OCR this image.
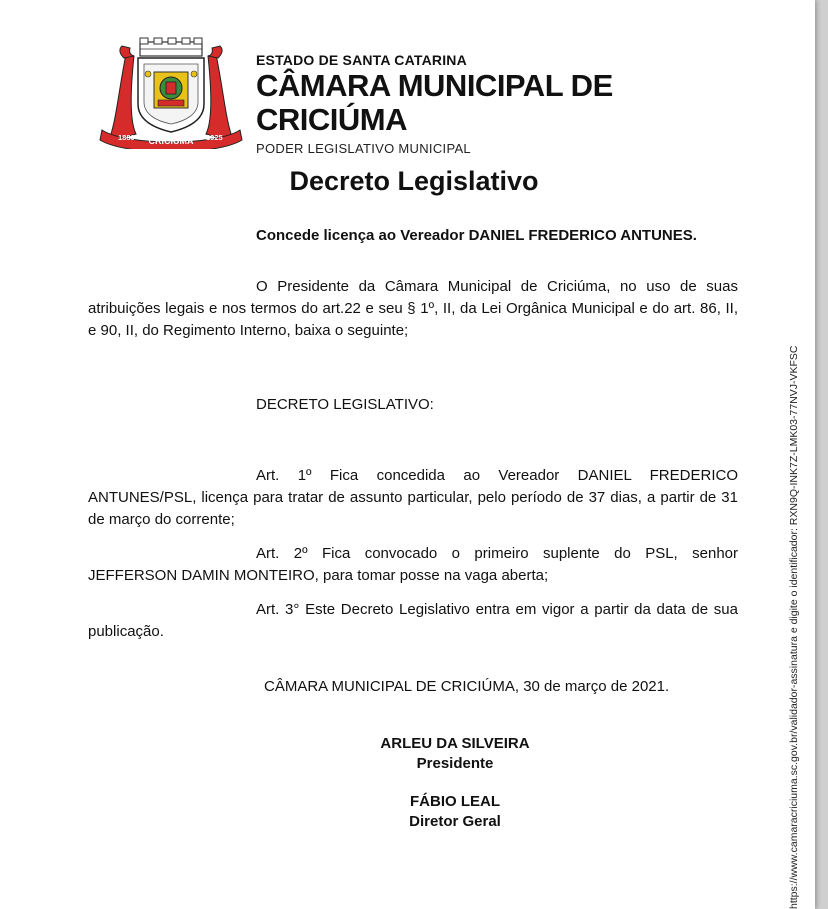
1880 CRICIÚMA 1925
ESTADO DE SANTA CATARINA
CÂMARA MUNICIPAL DE CRICIÚMA
PODER LEGISLATIVO MUNICIPAL
Decreto Legislativo
Concede licença ao Vereador DANIEL FREDERICO ANTUNES.
O Presidente da Câmara Municipal de Criciúma, no uso de suas atribuições legais e nos termos do art.22 e seu § 1º, II, da Lei Orgânica Municipal e do art. 86, II, e 90, II, do Regimento Interno, baixa o seguinte;
DECRETO LEGISLATIVO:
Art. 1º Fica concedida ao Vereador DANIEL FREDERICO ANTUNES/PSL, licença para tratar de assunto particular, pelo período de 37 dias, a partir de 31 de março do corrente;
Art. 2º Fica convocado o primeiro suplente do PSL, senhor JEFFERSON DAMIN MONTEIRO, para tomar posse na vaga aberta;
Art. 3° Este Decreto Legislativo entra em vigor a partir da data de sua publicação.
CÂMARA MUNICIPAL DE CRICIÚMA, 30 de março de 2021.
ARLEU DA SILVEIRA
Presidente
FÁBIO LEAL
Diretor Geral	https://www.camaracriciuma.sc.gov.br/validador-assinatura e digite o identificador: RXN9Q-INK7Z-LMK03-77NVJ-VKFSC
